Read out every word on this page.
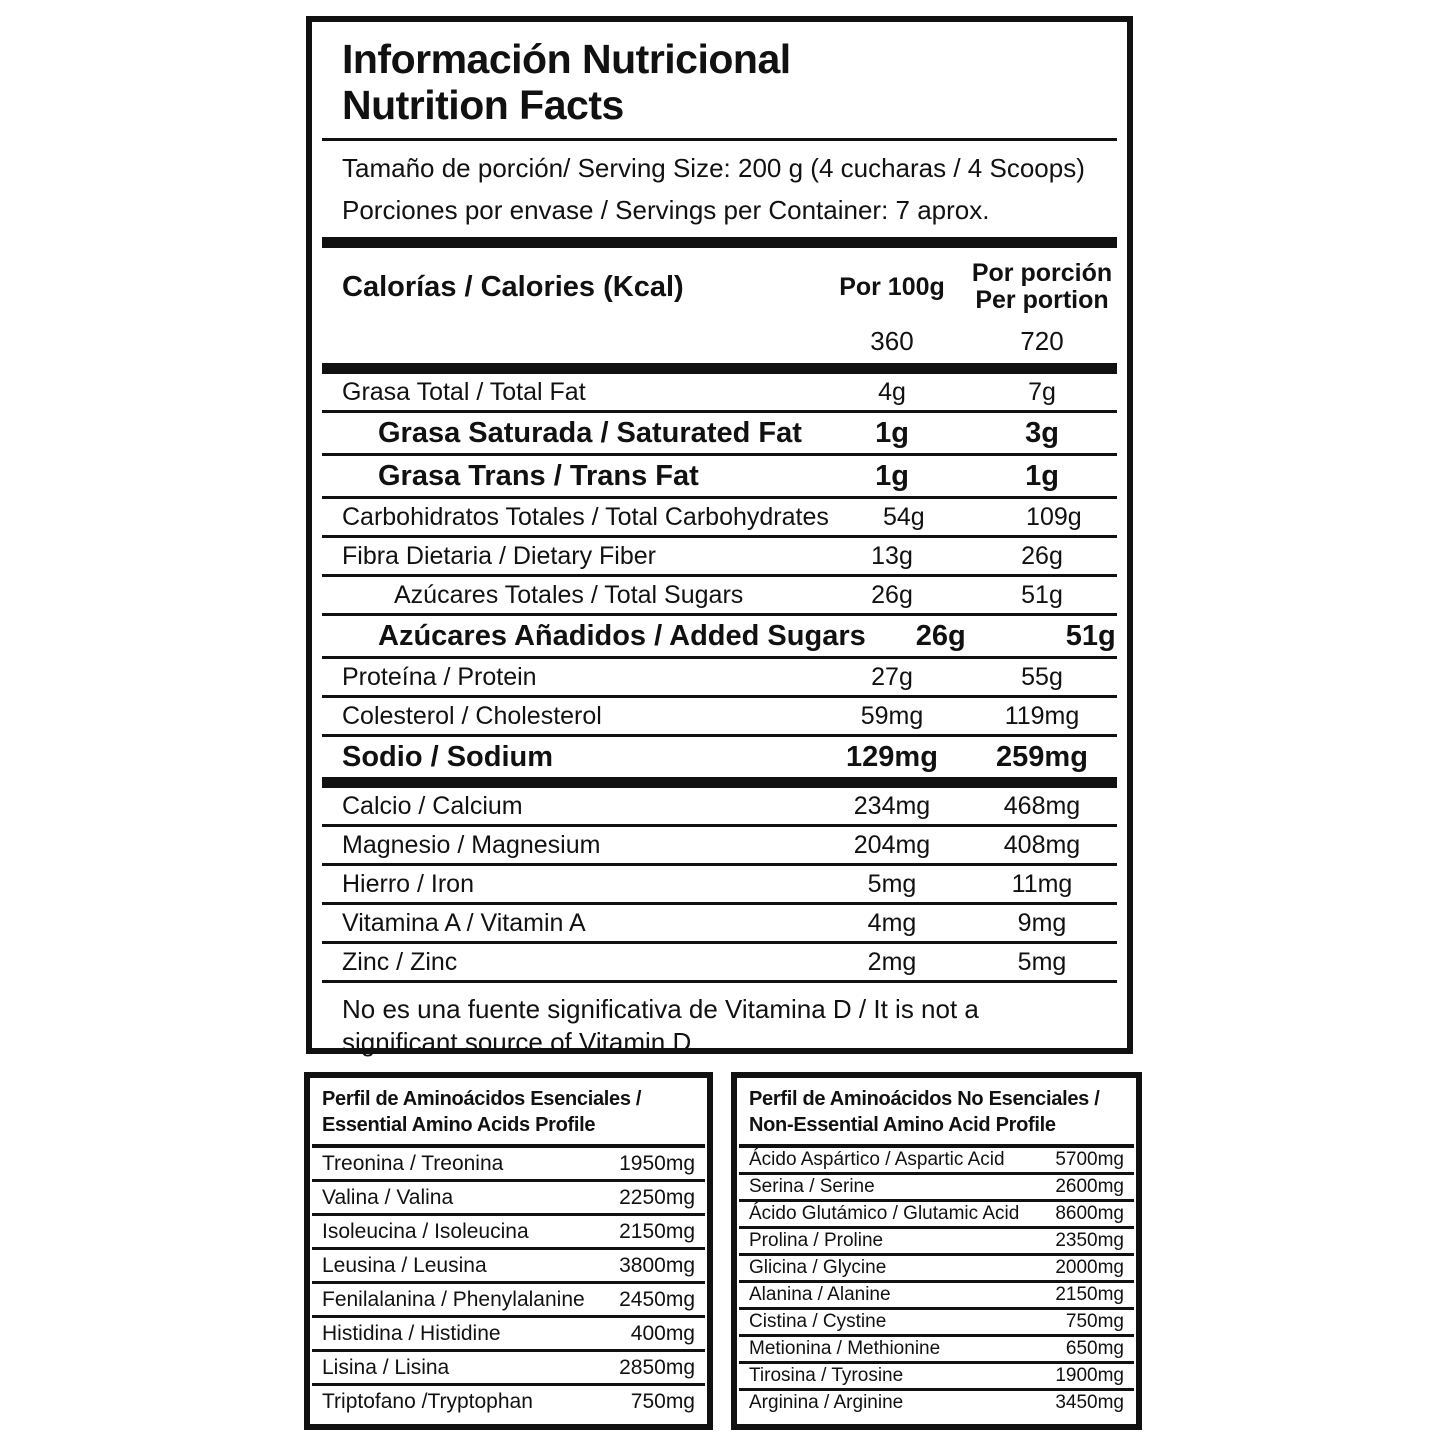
Información Nutricional
Nutrition Facts
Tamaño de porción/ Serving Size: 200 g (4 cucharas / 4 Scoops)
Porciones por envase / Servings per Container: 7 aprox.
Calorías / Calories (Kcal)	Por 100g	Por porción
Per portion
360	720
Grasa Total / Total Fat	4g	7g
Grasa Saturada / Saturated Fat	1g	3g
Grasa Trans / Trans Fat	1g	1g
Carbohidratos Totales / Total Carbohydrates	54g	109g
Fibra Dietaria / Dietary Fiber	13g	26g
Azúcares Totales / Total Sugars	26g	51g
Azúcares Añadidos / Added Sugars	26g	51g
Proteína / Protein	27g	55g
Colesterol / Cholesterol	59mg	119mg
Sodio / Sodium	129mg	259mg
Calcio / Calcium	234mg	468mg
Magnesio / Magnesium	204mg	408mg
Hierro / Iron	5mg	11mg
Vitamina A / Vitamin A	4mg	9mg
Zinc / Zinc	2mg	5mg
No es una fuente significativa de Vitamina D / It is not a significant source of Vitamin D.
Perfil de Aminoácidos Esenciales /
Essential Amino Acids Profile
Treonina / Treonina	1950mg
Valina / Valina	2250mg
Isoleucina / Isoleucina	2150mg
Leusina / Leusina	3800mg
Fenilalanina / Phenylalanine 2450mg
Histidina / Histidine	400mg
Lisina / Lisina	2850mg
Triptofano /Tryptophan	750mg
Perfil de Aminoácidos No Esenciales /
Non-Essential Amino Acid Profile
Ácido Aspártico / Aspartic Acid	5700mg
Serina / Serine	2600mg
Ácido Glutámico / Glutamic Acid 8600mg
Prolina / Proline	2350mg
Glicina / Glycine	2000mg
Alanina / Alanine	2150mg
Cistina / Cystine	750mg
Metionina / Methionine	650mg
Tirosina / Tyrosine	1900mg
Arginina / Arginine	3450mg
